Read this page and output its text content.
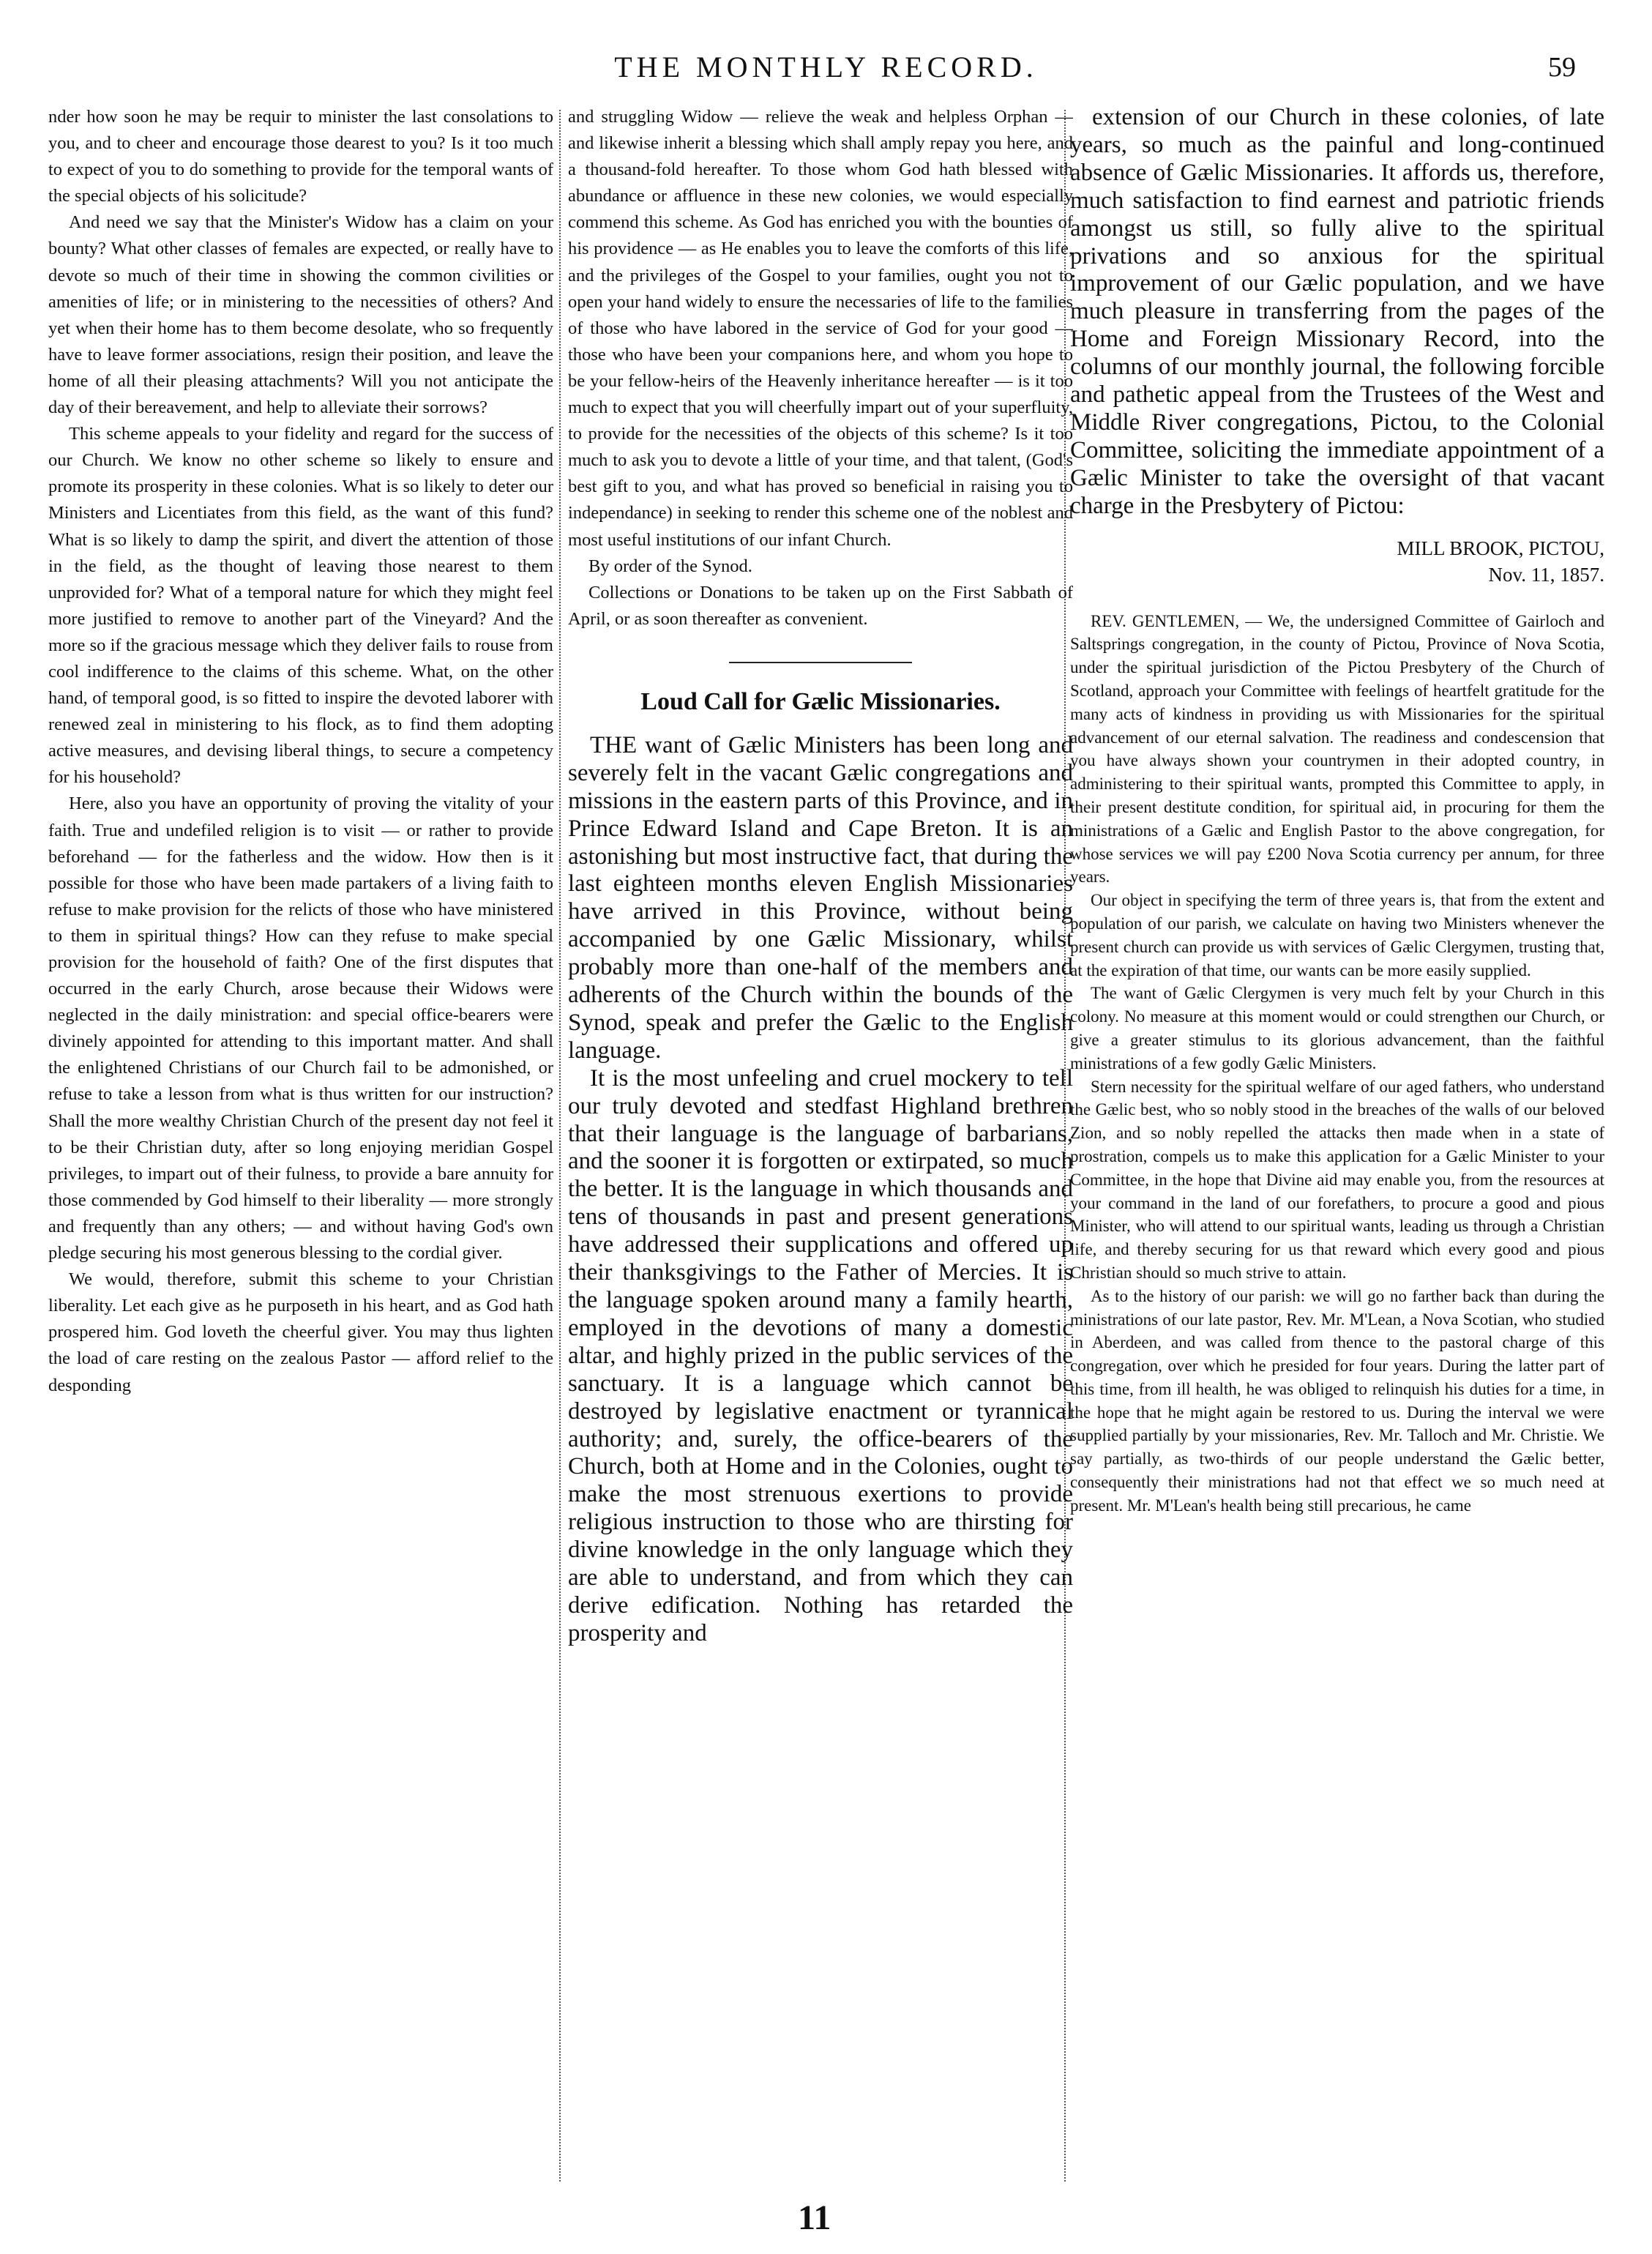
THE MONTHLY RECORD.	59

nder how soon he may be requir to minister the last consolations to you, and to cheer and encourage those dearest to you? Is it too much to expect of you to do something to provide for the temporal wants of the special objects of his solicitude?

And need we say that the Minister's Widow has a claim on your bounty? What other classes of females are expected, or really have to devote so much of their time in showing the common civilities or amenities of life; or in ministering to the necessities of others? And yet when their home has to them become desolate, who so frequently have to leave former associations, resign their position, and leave the home of all their pleasing attachments? Will you not anticipate the day of their bereavement, and help to alleviate their sorrows?

This scheme appeals to your fidelity and regard for the success of our Church. We know no other scheme so likely to ensure and promote its prosperity in these colonies. What is so likely to deter our Ministers and Licentiates from this field, as the want of this fund? What is so likely to damp the spirit, and divert the attention of those in the field, as the thought of leaving those nearest to them unprovided for? What of a temporal nature for which they might feel more justified to remove to another part of the Vineyard? And the more so if the gracious message which they deliver fails to rouse from cool indifference to the claims of this scheme. What, on the other hand, of temporal good, is so fitted to inspire the devoted laborer with renewed zeal in ministering to his flock, as to find them adopting active measures, and devising liberal things, to secure a competency for his household?

Here, also you have an opportunity of proving the vitality of your faith. True and undefiled religion is to visit — or rather to provide beforehand — for the fatherless and the widow. How then is it possible for those who have been made partakers of a living faith to refuse to make provision for the relicts of those who have ministered to them in spiritual things? How can they refuse to make special provision for the household of faith? One of the first disputes that occurred in the early Church, arose because their Widows were neglected in the daily ministration: and special office-bearers were divinely appointed for attending to this important matter. And shall the enlightened Christians of our Church fail to be admonished, or refuse to take a lesson from what is thus written for our instruction? Shall the more wealthy Christian Church of the present day not feel it to be their Christian duty, after so long enjoying meridian Gospel privileges, to impart out of their fulness, to provide a bare annuity for those commended by God himself to their liberality — more strongly and frequently than any others; — and without having God's own pledge securing his most generous blessing to the cordial giver.

We would, therefore, submit this scheme to your Christian liberality. Let each give as he purposeth in his heart, and as God hath prospered him. God loveth the cheerful giver. You may thus lighten the load of care resting on the zealous Pastor — afford relief to the desponding

and struggling Widow — relieve the weak and helpless Orphan — and likewise inherit a blessing which shall amply repay you here, and a thousand-fold hereafter. To those whom God hath blessed with abundance or affluence in these new colonies, we would especially commend this scheme. As God has enriched you with the bounties of his providence — as He enables you to leave the comforts of this life, and the privileges of the Gospel to your families, ought you not to open your hand widely to ensure the necessaries of life to the families of those who have labored in the service of God for your good — those who have been your companions here, and whom you hope to be your fellow-heirs of the Heavenly inheritance hereafter — is it too much to expect that you will cheerfully impart out of your superfluity, to provide for the necessities of the objects of this scheme? Is it too much to ask you to devote a little of your time, and that talent, (God's best gift to you, and what has proved so beneficial in raising you to independance) in seeking to render this scheme one of the noblest and most useful institutions of our infant Church.

By order of the Synod.

Collections or Donations to be taken up on the First Sabbath of April, or as soon thereafter as convenient.

Loud Call for Gælic Missionaries.

THE want of Gælic Ministers has been long and severely felt in the vacant Gælic congregations and missions in the eastern parts of this Province, and in Prince Edward Island and Cape Breton. It is an astonishing but most instructive fact, that during the last eighteen months eleven English Missionaries have arrived in this Province, without being accompanied by one Gælic Missionary, whilst probably more than one-half of the members and adherents of the Church within the bounds of the Synod, speak and prefer the Gælic to the English language.

It is the most unfeeling and cruel mockery to tell our truly devoted and stedfast Highland brethren that their language is the language of barbarians, and the sooner it is forgotten or extirpated, so much the better. It is the language in which thousands and tens of thousands in past and present generations have addressed their supplications and offered up their thanksgivings to the Father of Mercies. It is the language spoken around many a family hearth, employed in the devotions of many a domestic altar, and highly prized in the public services of the sanctuary. It is a language which cannot be destroyed by legislative enactment or tyrannical authority; and, surely, the office-bearers of the Church, both at Home and in the Colonies, ought to make the most strenuous exertions to provide religious instruction to those who are thirsting for divine knowledge in the only language which they are able to understand, and from which they can derive edification. Nothing has retarded the prosperity and

extension of our Church in these colonies, of late years, so much as the painful and long-continued absence of Gælic Missionaries. It affords us, therefore, much satisfaction to find earnest and patriotic friends amongst us still, so fully alive to the spiritual privations and so anxious for the spiritual improvement of our Gælic population, and we have much pleasure in transferring from the pages of the Home and Foreign Missionary Record, into the columns of our monthly journal, the following forcible and pathetic appeal from the Trustees of the West and Middle River congregations, Pictou, to the Colonial Committee, soliciting the immediate appointment of a Gælic Minister to take the oversight of that vacant charge in the Presbytery of Pictou:

MILL BROOK, PICTOU,
Nov. 11, 1857.

REV. GENTLEMEN, — We, the undersigned Committee of Gairloch and Saltsprings congregation, in the county of Pictou, Province of Nova Scotia, under the spiritual jurisdiction of the Pictou Presbytery of the Church of Scotland, approach your Committee with feelings of heartfelt gratitude for the many acts of kindness in providing us with Missionaries for the spiritual advancement of our eternal salvation. The readiness and condescension that you have always shown your countrymen in their adopted country, in administering to their spiritual wants, prompted this Committee to apply, in their present destitute condition, for spiritual aid, in procuring for them the ministrations of a Gælic and English Pastor to the above congregation, for whose services we will pay £200 Nova Scotia currency per annum, for three years.

Our object in specifying the term of three years is, that from the extent and population of our parish, we calculate on having two Ministers whenever the present church can provide us with services of Gælic Clergymen, trusting that, at the expiration of that time, our wants can be more easily supplied.

The want of Gælic Clergymen is very much felt by your Church in this colony. No measure at this moment would or could strengthen our Church, or give a greater stimulus to its glorious advancement, than the faithful ministrations of a few godly Gælic Ministers.

Stern necessity for the spiritual welfare of our aged fathers, who understand the Gælic best, who so nobly stood in the breaches of the walls of our beloved Zion, and so nobly repelled the attacks then made when in a state of prostration, compels us to make this application for a Gælic Minister to your Committee, in the hope that Divine aid may enable you, from the resources at your command in the land of our forefathers, to procure a good and pious Minister, who will attend to our spiritual wants, leading us through a Christian life, and thereby securing for us that reward which every good and pious Christian should so much strive to attain.

As to the history of our parish: we will go no farther back than during the ministrations of our late pastor, Rev. Mr. M'Lean, a Nova Scotian, who studied in Aberdeen, and was called from thence to the pastoral charge of this congregation, over which he presided for four years. During the latter part of this time, from ill health, he was obliged to relinquish his duties for a time, in the hope that he might again be restored to us. During the interval we were supplied partially by your missionaries, Rev. Mr. Talloch and Mr. Christie. We say partially, as two-thirds of our people understand the Gælic better, consequently their ministrations had not that effect we so much need at present. Mr. M'Lean's health being still precarious, he came

11
